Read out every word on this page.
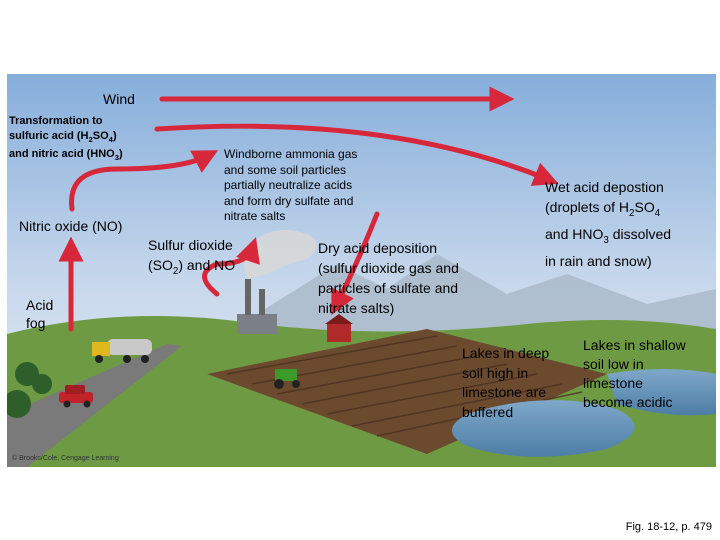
Wind
Transformation to
sulfuric acid $(H_2SO_4)$
and nitric acid $(HNO_3)$	Windborne ammonia gas
and some soil particles
partially neutralize acids
and form dry sulfate and
nitrate salts
Wet acid depostion
(droplets of $H_2SO_4$
and $HNO_3$ dissolved
in rain and snow)
Nitric oxide (NO)
Sulfur dioxide
$(SO_2)$ and NO
Dry acid deposition
(sulfur dioxide gas and
particles of sulfate and
nitrate salts)
Acid
fog
Lakes in deep
soil high in
limestone are
buffered
Lakes in shallow
soil low in
limestone
become acidic
© Brooks/Cole, Cengage Learning
Fig. 18-12, p. 479
